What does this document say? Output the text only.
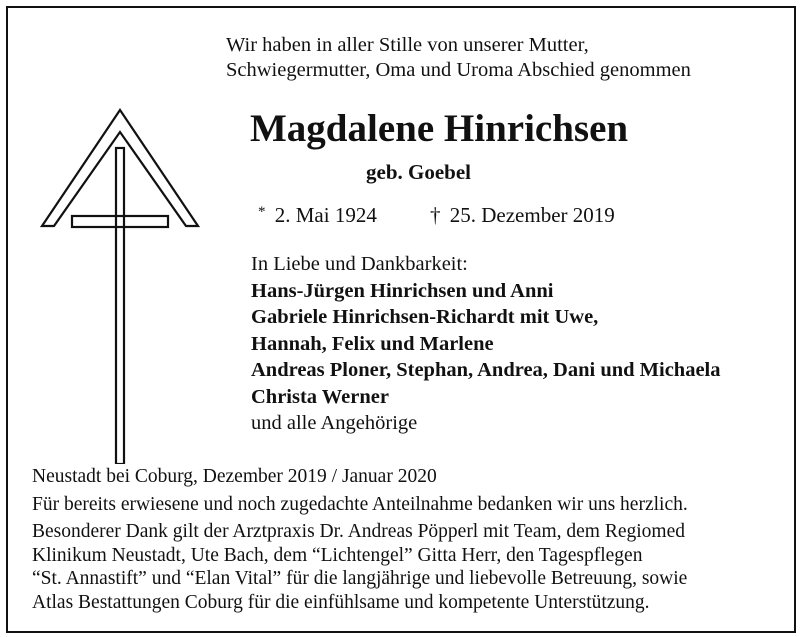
Wir haben in aller Stille von unserer Mutter,
Schwiegermutter, Oma und Uroma Abschied genommen
Magdalene Hinrichsen
geb. Goebel
* 2. Mai 1924	† 25. Dezember 2019
In Liebe und Dankbarkeit:
Hans-Jürgen Hinrichsen und Anni
Gabriele Hinrichsen-Richardt mit Uwe,
Hannah, Felix und Marlene
Andreas Ploner, Stephan, Andrea, Dani und Michaela
Christa Werner
und alle Angehörige
Neustadt bei Coburg, Dezember 2019 / Januar 2020
Für bereits erwiesene und noch zugedachte Anteilnahme bedanken wir uns herzlich.
Besonderer Dank gilt der Arztpraxis Dr. Andreas Pöpperl mit Team, dem Regiomed
Klinikum Neustadt, Ute Bach, dem “Lichtengel” Gitta Herr, den Tagespflegen
“St. Annastift” und “Elan Vital” für die langjährige und liebevolle Betreuung, sowie
Atlas Bestattungen Coburg für die einfühlsame und kompetente Unterstützung.
